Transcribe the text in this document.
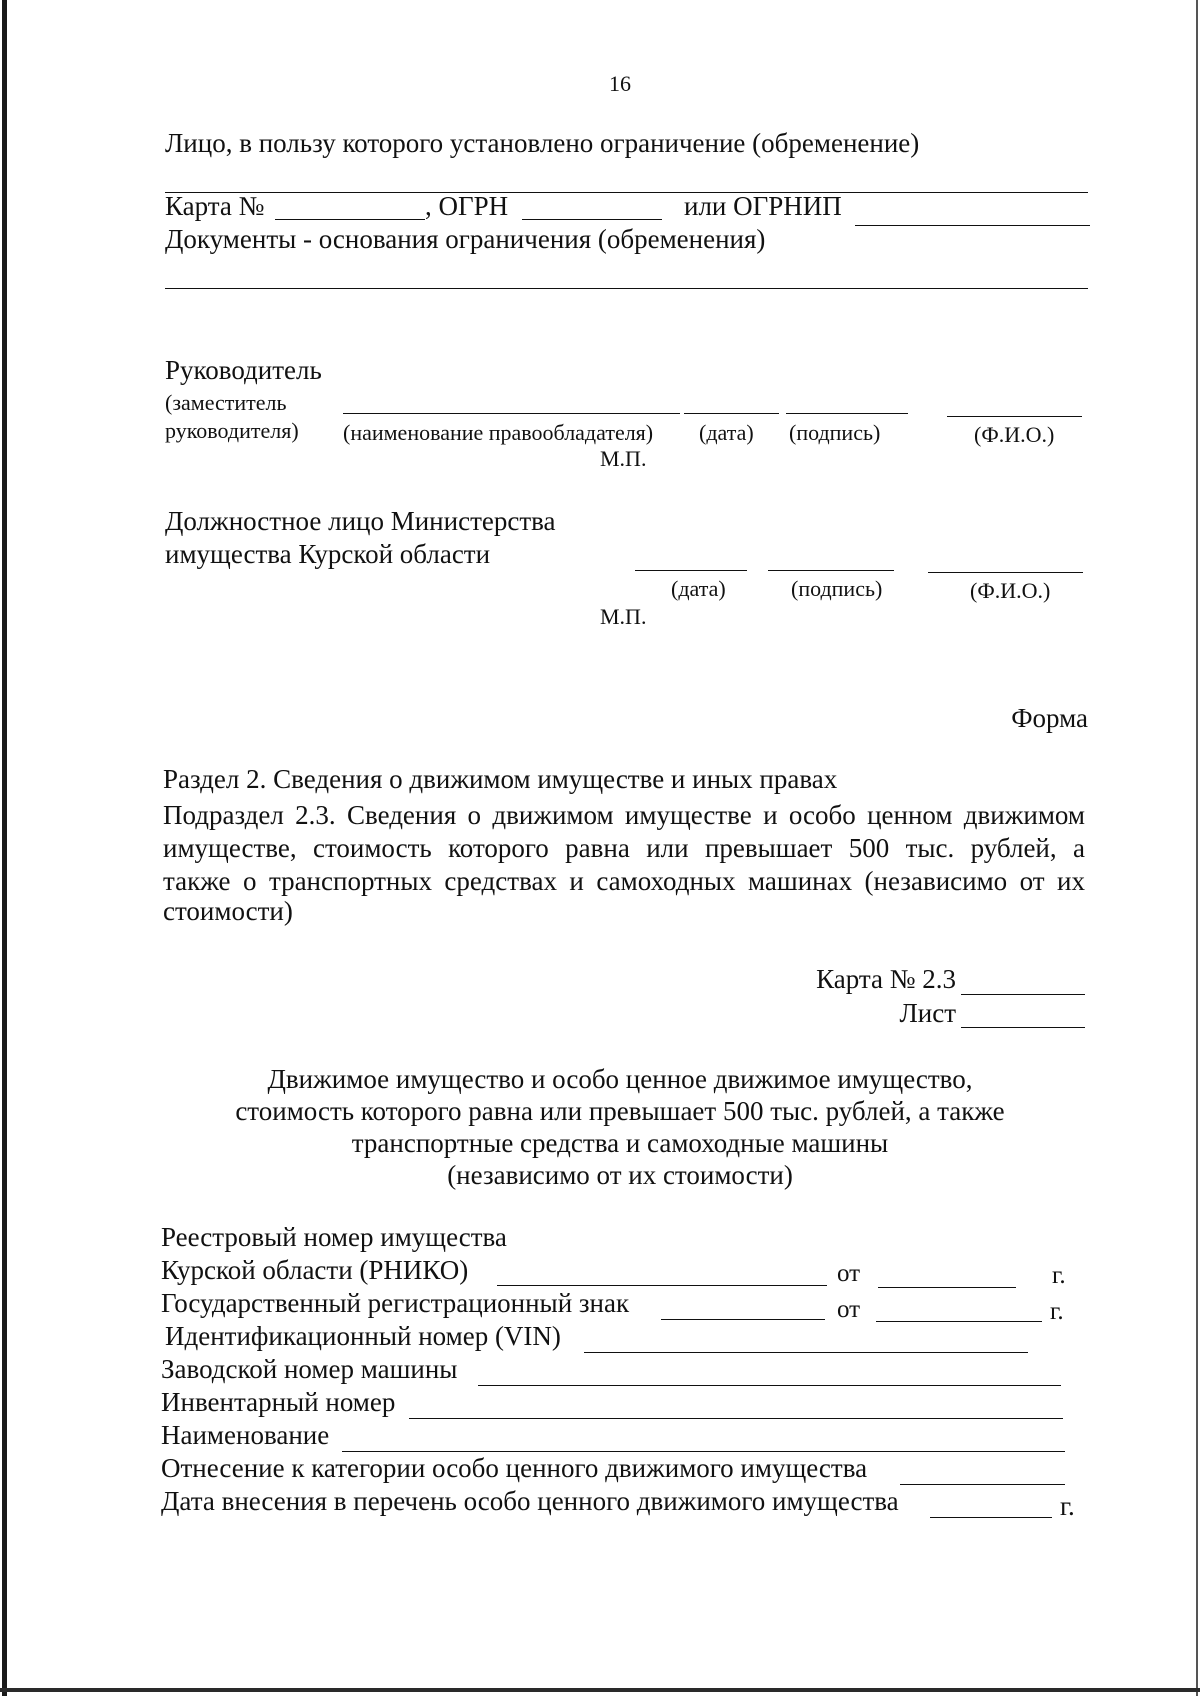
16
Лицо, в пользу которого установлено ограничение (обременение)
Карта №	, ОГРН	или ОГРНИП
Документы - основания ограничения (обременения)
Руководитель
(заместитель
руководителя) (наименование правообладателя) (дата) (подпись)	(Ф.И.О.)
М.П.
Должностное лицо Министерства
имущества Курской области
(дата)	(подпись)	(Ф.И.О.)
М.П.
Форма
Раздел 2. Сведения о движимом имуществе и иных правах
Подраздел 2.3. Сведения о движимом имуществе и особо ценном движимом
имуществе, стоимость которого равна или превышает 500 тыс. рублей, а
также о транспортных средствах и самоходных машинах (независимо от их
стоимости)
Карта № 2.3
Лист
Движимое имущество и особо ценное движимое имущество,
стоимость которого равна или превышает 500 тыс. рублей, а также
транспортные средства и самоходные машины
(независимо от их стоимости)
Реестровый номер имущества
Курской области (РНИКО)	от	г.
Государственный регистрационный знак	от	г.
Идентификационный номер (VIN)
Заводской номер машины
Инвентарный номер
Наименование
Отнесение к категории особо ценного движимого имущества
Дата внесения в перечень особо ценного движимого имущества	г.
